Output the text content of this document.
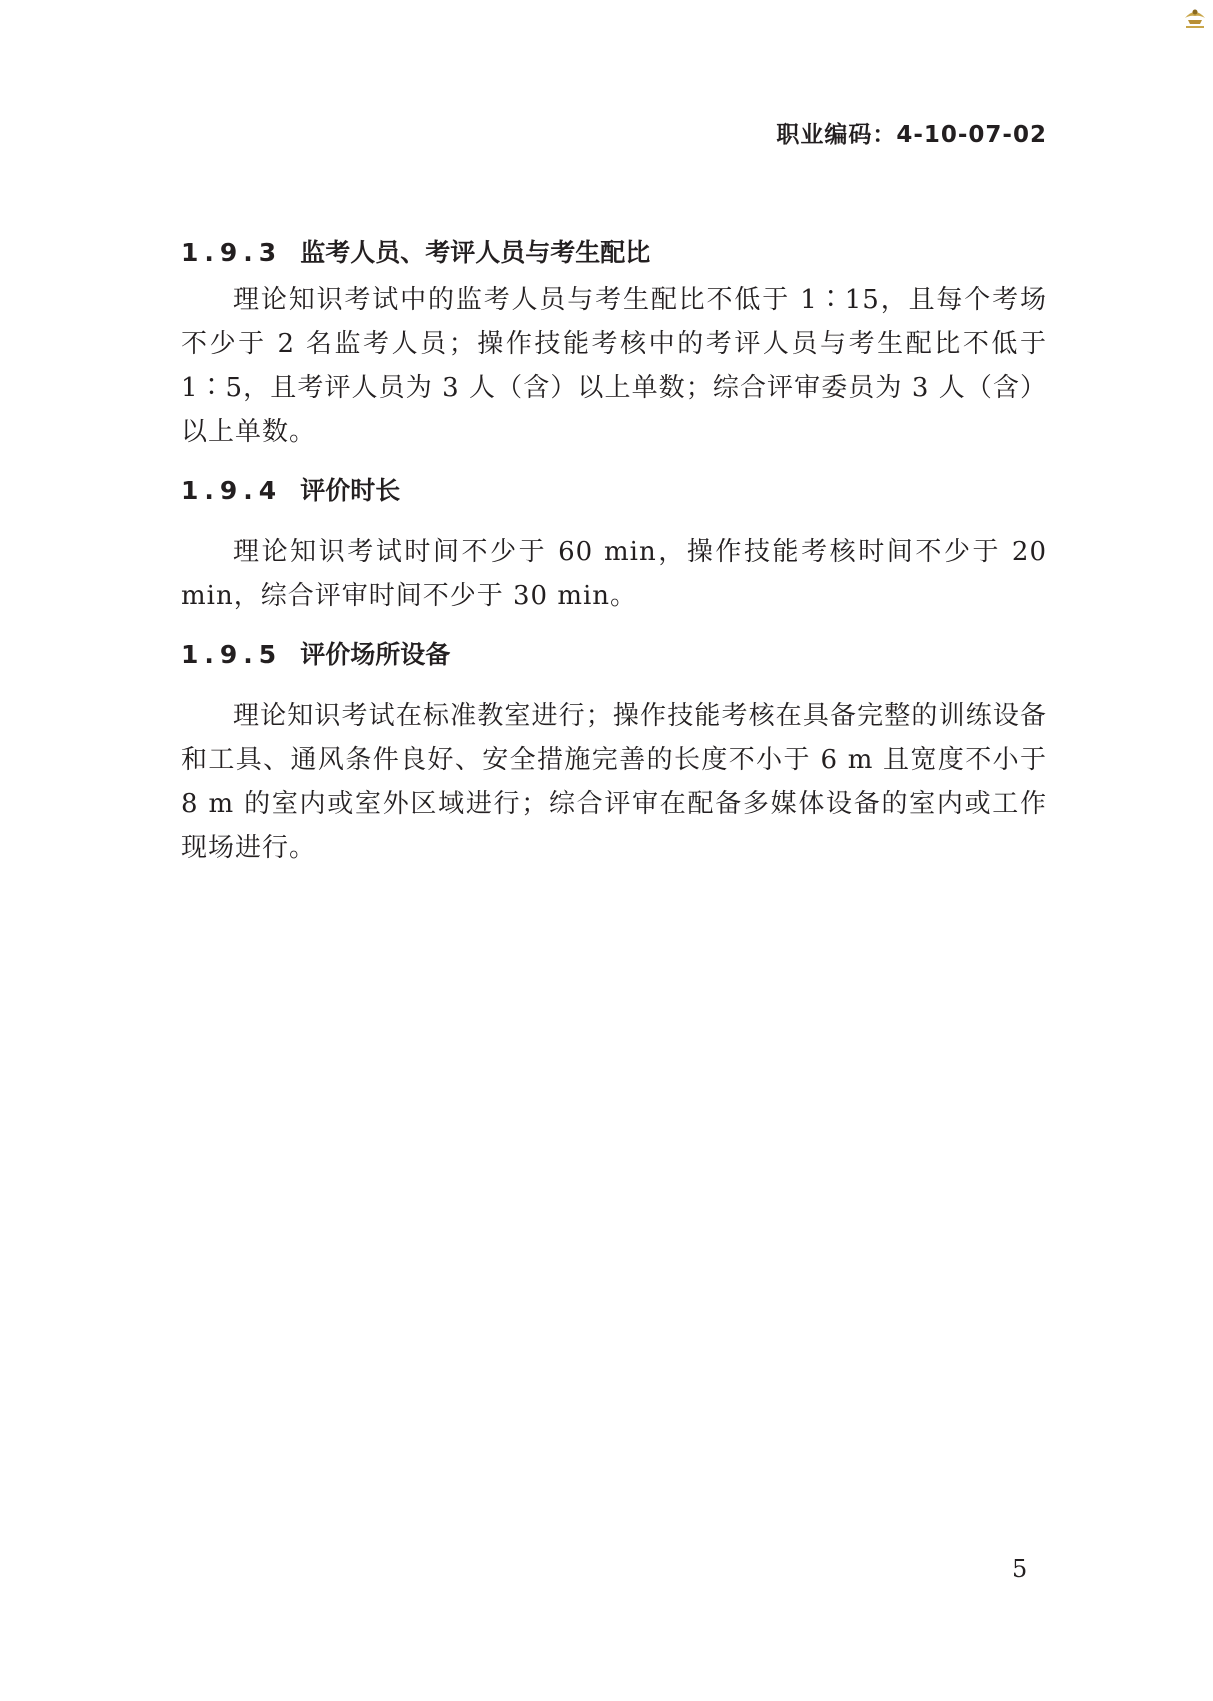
职业编码：4-10-07-02
1.9.3 监考人员、考评人员与考生配比

理论知识考试中的监考人员与考生配比不低于 1∶15，且每个考场不少于 2 名监考人员；操作技能考核中的考评人员与考生配比不低于 1∶5，且考评人员为 3 人（含）以上单数；综合评审委员为 3 人（含）以上单数。

1.9.4 评价时长

理论知识考试时间不少于 60 min，操作技能考核时间不少于 20 min，综合评审时间不少于 30 min。

1.9.5 评价场所设备

理论知识考试在标准教室进行；操作技能考核在具备完整的训练设备和工具、通风条件良好、安全措施完善的长度不小于 6 m 且宽度不小于 8 m 的室内或室外区域进行；综合评审在配备多媒体设备的室内或工作现场进行。

5
